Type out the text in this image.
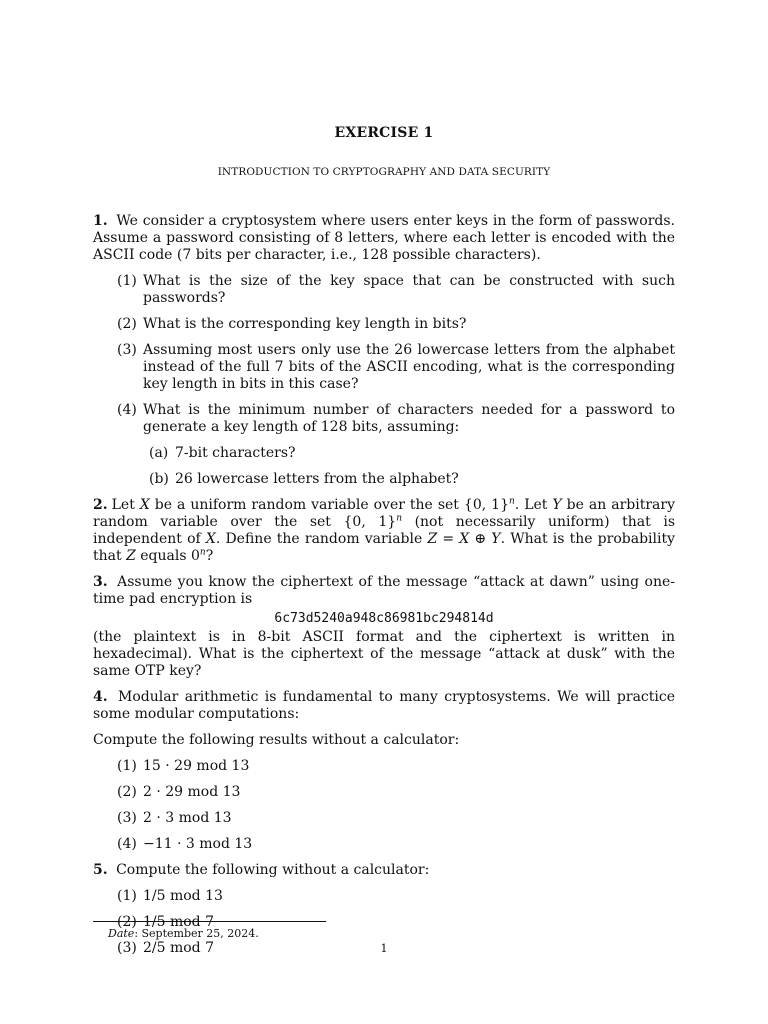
EXERCISE 1
INTRODUCTION TO CRYPTOGRAPHY AND DATA SECURITY

1. We consider a cryptosystem where users enter keys in the form of passwords. Assume a password consisting of 8 letters, where each letter is encoded with the ASCII code (7 bits per character, i.e., 128 possible characters).

(1) What is the size of the key space that can be constructed with such passwords?
(2) What is the corresponding key length in bits?
(3) Assuming most users only use the 26 lowercase letters from the alphabet instead of the full 7 bits of the ASCII encoding, what is the corresponding key length in bits in this case?
(4) What is the minimum number of characters needed for a password to generate a key length of 128 bits, assuming:
(a) 7-bit characters?
(b) 26 lowercase letters from the alphabet?

2. Let X be a uniform random variable over the set {0, 1}$^n$. Let Y be an arbitrary random variable over the set {0, 1}$^n$ (not necessarily uniform) that is independent of X. Define the random variable Z = X ⊕ Y. What is the probability that Z equals 0$^n$?

3. Assume you know the ciphertext of the message “attack at dawn” using one-time pad encryption is

6c73d5240a948c86981bc294814d

(the plaintext is in 8-bit ASCII format and the ciphertext is written in hexadecimal). What is the ciphertext of the message “attack at dusk” with the same OTP key?

4. Modular arithmetic is fundamental to many cryptosystems. We will practice some modular computations:

Compute the following results without a calculator:

(1) 15 · 29 mod 13
(2) 2 · 29 mod 13
(3) 2 · 3 mod 13
(4) −11 · 3 mod 13

5. Compute the following without a calculator:

(1) 1/5 mod 13
(2) 1/5 mod 7
(3) 2/5 mod 7
Date: September 25, 2024.
1
